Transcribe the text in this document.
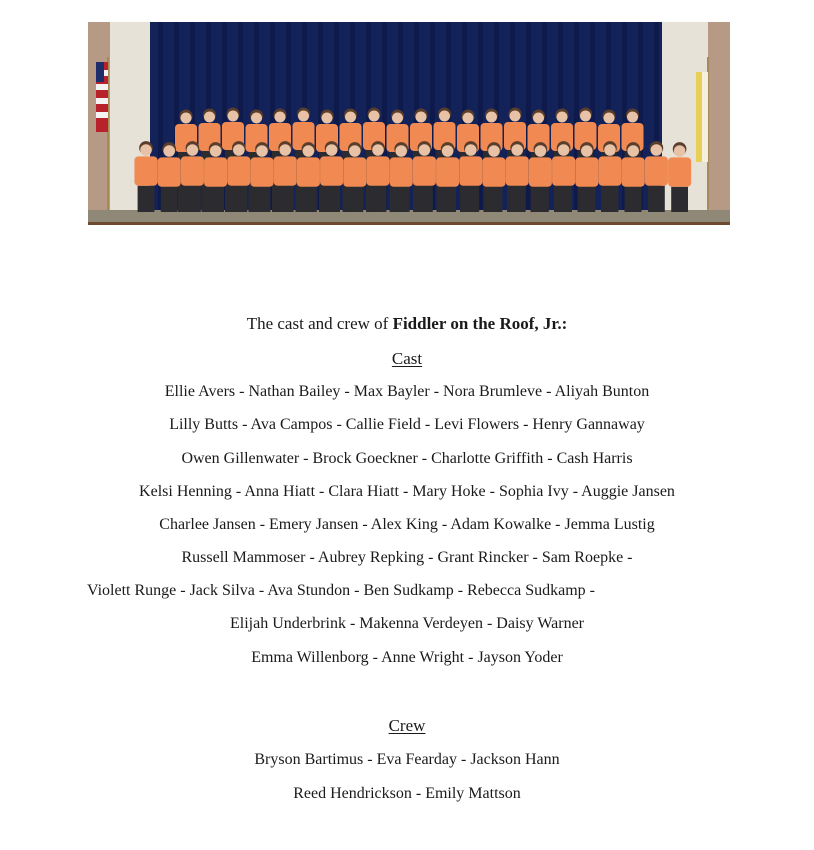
The cast and crew of Fiddler on the Roof, Jr.:
Cast
Ellie Avers - Nathan Bailey - Max Bayler - Nora Brumleve - Aliyah Bunton
Lilly Butts - Ava Campos - Callie Field - Levi Flowers - Henry Gannaway
Owen Gillenwater - Brock Goeckner - Charlotte Griffith - Cash Harris
Kelsi Henning - Anna Hiatt - Clara Hiatt - Mary Hoke - Sophia Ivy - Auggie Jansen
Charlee Jansen - Emery Jansen - Alex King - Adam Kowalke - Jemma Lustig
Russell Mammoser - Aubrey Repking - Grant Rincker - Sam Roepke -
Violett Runge - Jack Silva - Ava Stundon - Ben Sudkamp - Rebecca Sudkamp -
Elijah Underbrink - Makenna Verdeyen - Daisy Warner
Emma Willenborg - Anne Wright - Jayson Yoder
Crew
Bryson Bartimus - Eva Fearday - Jackson Hann
Reed Hendrickson - Emily Mattson
